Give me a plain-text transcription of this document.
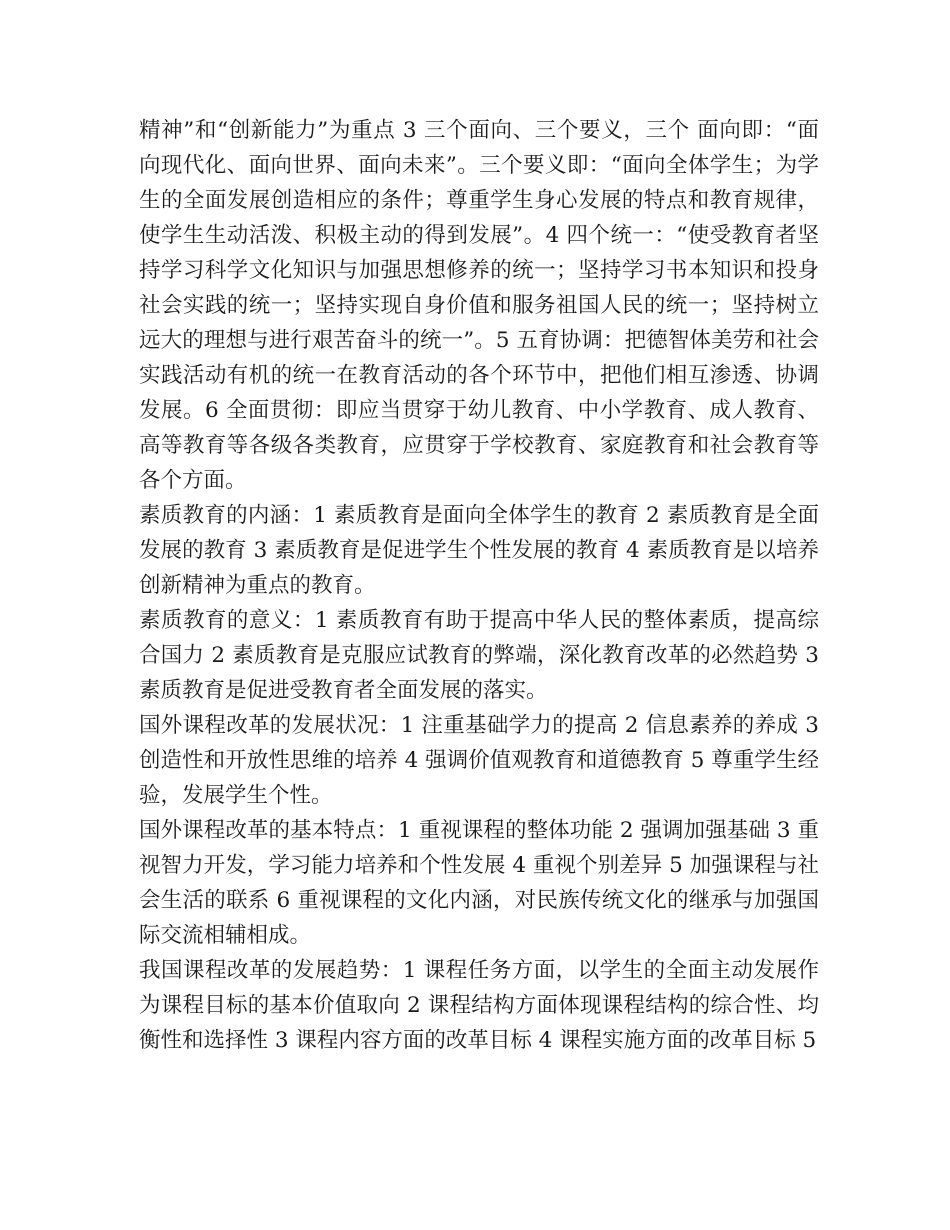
精神”和“创新能力”为重点 3 三个面向、三个要义，三个 面向即：“面向现代化、面向世界、面向未来”。三个要义即：“面向全体学生；为学生的全面发展创造相应的条件；尊重学生身心发展的特点和教育规律，使学生生动活泼、积极主动的得到发展”。4 四个统一：“使受教育者坚持学习科学文化知识与加强思想修养的统一；坚持学习书本知识和投身社会实践的统一；坚持实现自身价值和服务祖国人民的统一；坚持树立远大的理想与进行艰苦奋斗的统一”。5 五育协调：把德智体美劳和社会实践活动有机的统一在教育活动的各个环节中，把他们相互渗透、协调发展。6 全面贯彻：即应当贯穿于幼儿教育、中小学教育、成人教育、高等教育等各级各类教育，应贯穿于学校教育、家庭教育和社会教育等各个方面。

素质教育的内涵：1 素质教育是面向全体学生的教育 2 素质教育是全面发展的教育 3 素质教育是促进学生个性发展的教育 4 素质教育是以培养创新精神为重点的教育。

素质教育的意义：1 素质教育有助于提高中华人民的整体素质，提高综合国力 2 素质教育是克服应试教育的弊端，深化教育改革的必然趋势 3 素质教育是促进受教育者全面发展的落实。

国外课程改革的发展状况：1 注重基础学力的提高 2 信息素养的养成 3 创造性和开放性思维的培养 4 强调价值观教育和道德教育 5 尊重学生经验，发展学生个性。

国外课程改革的基本特点：1 重视课程的整体功能 2 强调加强基础 3 重视智力开发，学习能力培养和个性发展 4 重视个别差异 5 加强课程与社会生活的联系 6 重视课程的文化内涵，对民族传统文化的继承与加强国际交流相辅相成。

我国课程改革的发展趋势：1 课程任务方面，以学生的全面主动发展作为课程目标的基本价值取向 2 课程结构方面体现课程结构的综合性、均衡性和选择性 3 课程内容方面的改革目标 4 课程实施方面的改革目标 5
